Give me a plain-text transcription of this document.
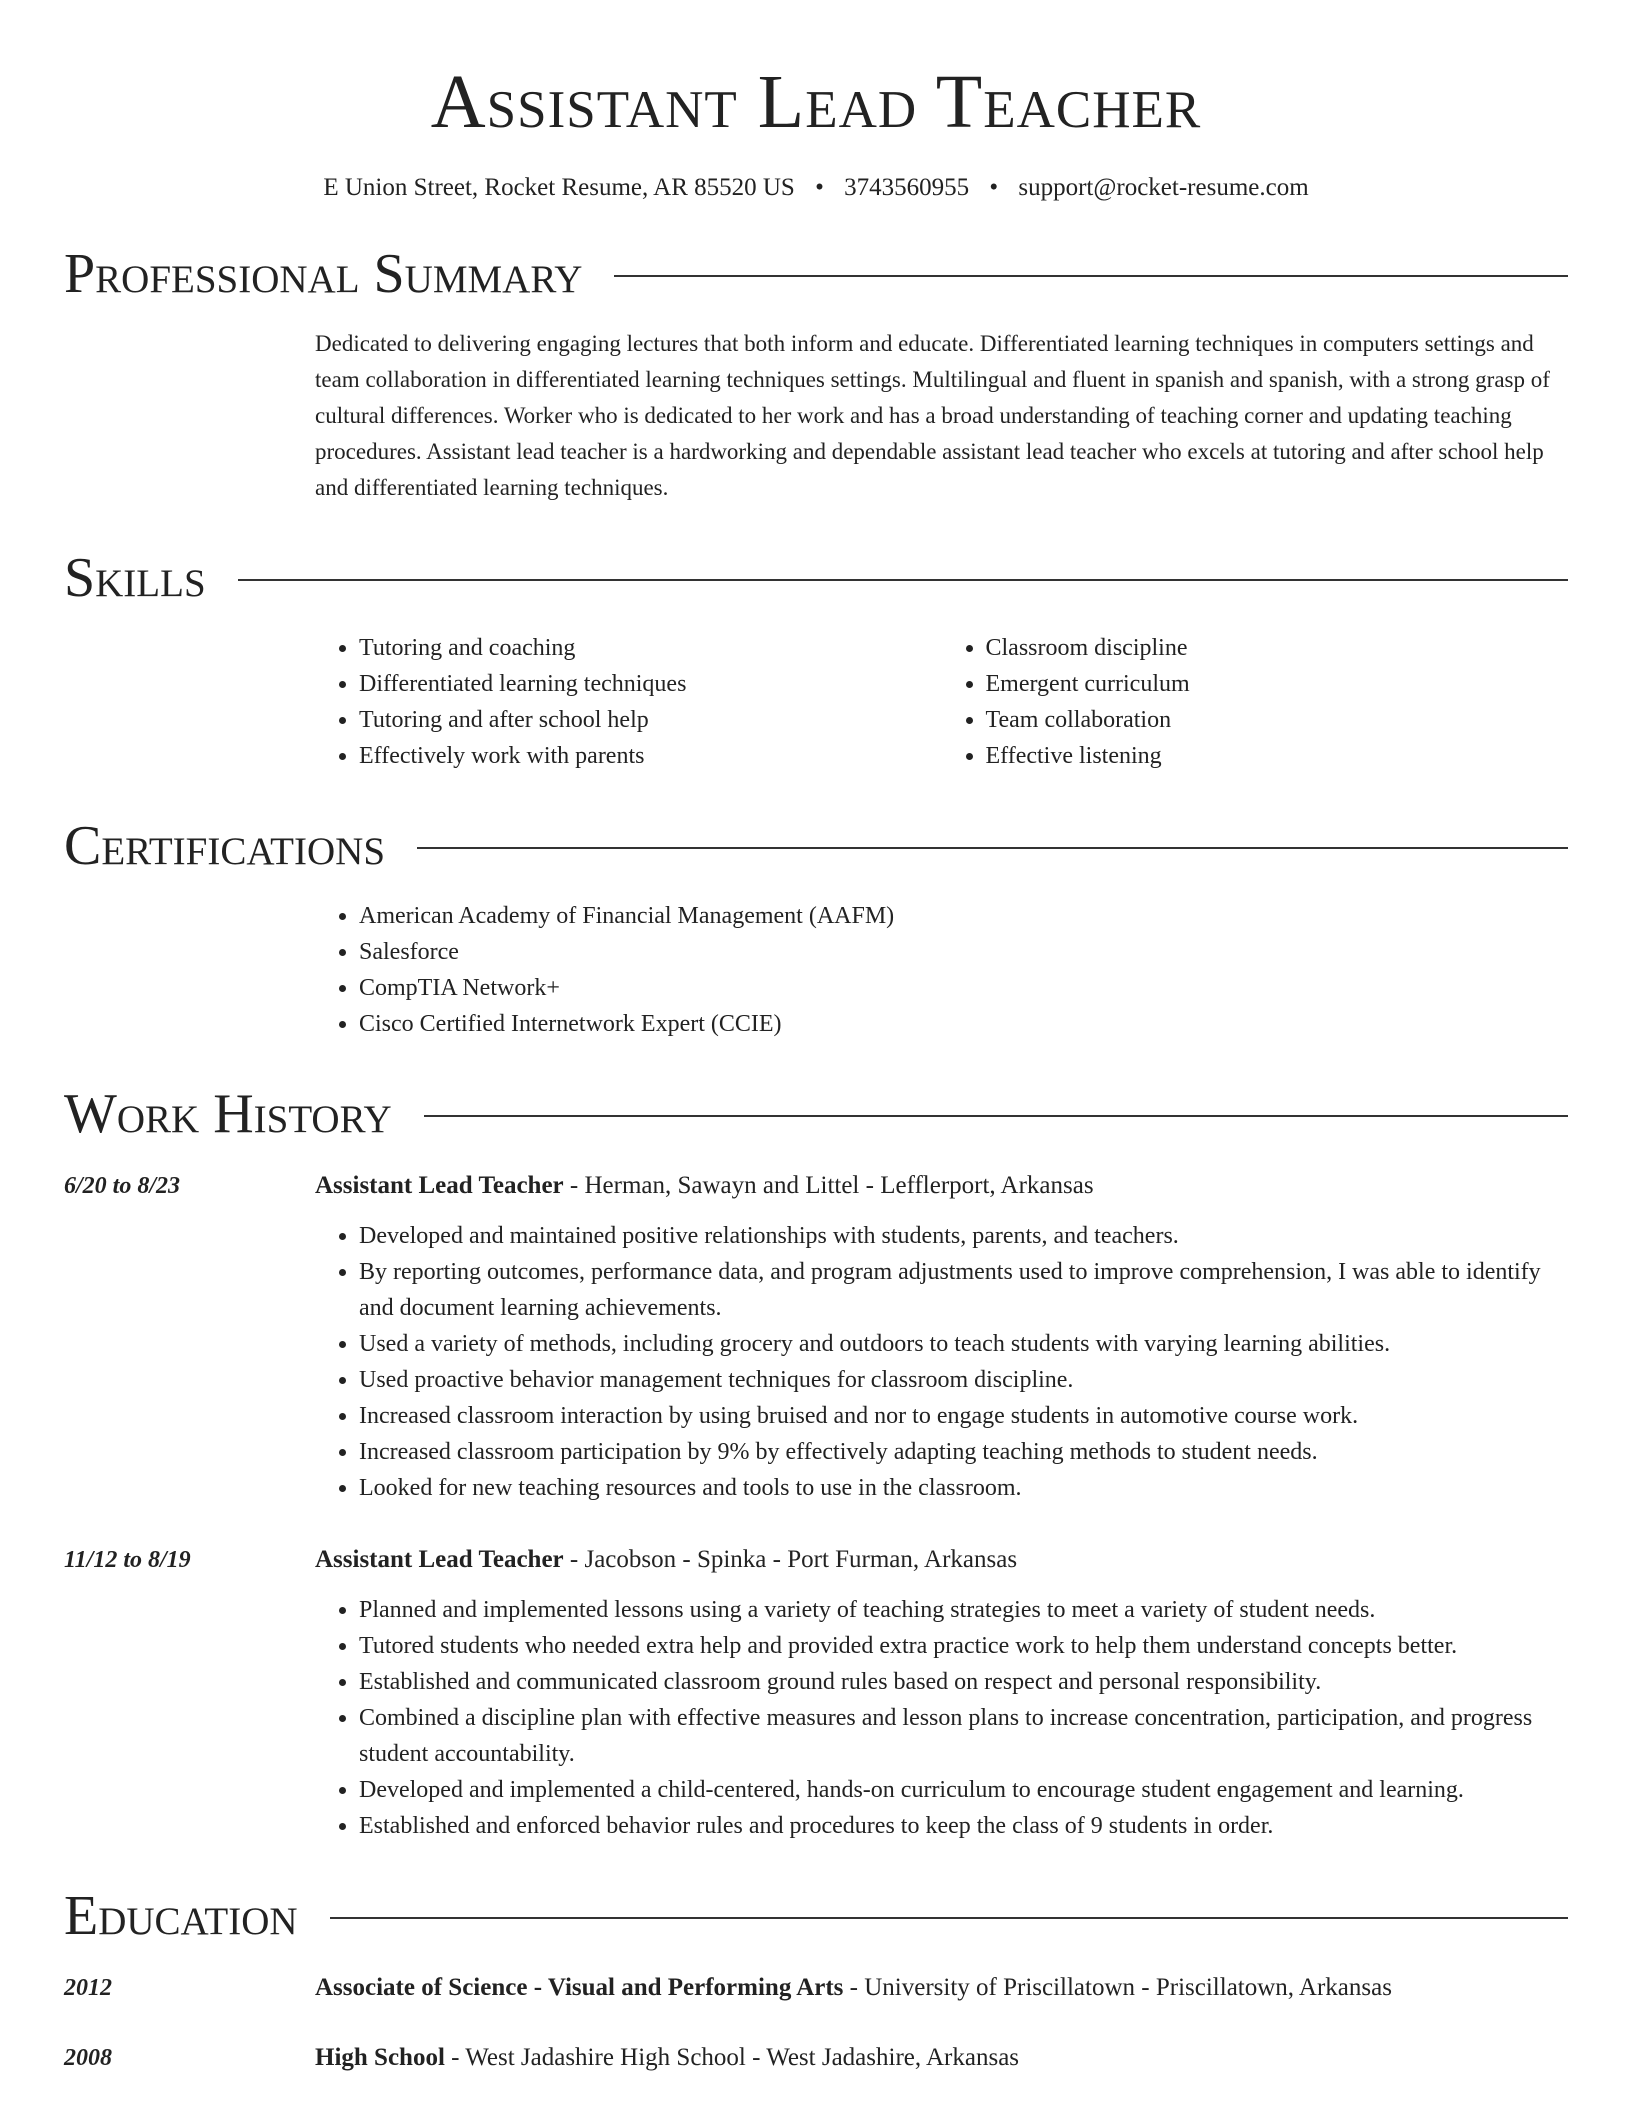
Assistant Lead Teacher
E Union Street, Rocket Resume, AR 85520 US • 3743560955 • support@rocket-resume.com
Professional Summary
Dedicated to delivering engaging lectures that both inform and educate. Differentiated learning techniques in computers settings and team collaboration in differentiated learning techniques settings. Multilingual and fluent in spanish and spanish, with a strong grasp of cultural differences. Worker who is dedicated to her work and has a broad understanding of teaching corner and updating teaching procedures. Assistant lead teacher is a hardworking and dependable assistant lead teacher who excels at tutoring and after school help and differentiated learning techniques.
Skills
• Tutoring and coaching
• Differentiated learning techniques
• Tutoring and after school help
• Effectively work with parents
• Classroom discipline
• Emergent curriculum
• Team collaboration
• Effective listening
Certifications
• American Academy of Financial Management (AAFM)
• Salesforce
• CompTIA Network+
• Cisco Certified Internetwork Expert (CCIE)
Work History
6/20 to 8/23	Assistant Lead Teacher - Herman, Sawayn and Littel - Lefflerport, Arkansas
• Developed and maintained positive relationships with students, parents, and teachers.
• By reporting outcomes, performance data, and program adjustments used to improve comprehension, I was able to identify and document learning achievements.
• Used a variety of methods, including grocery and outdoors to teach students with varying learning abilities.
• Used proactive behavior management techniques for classroom discipline.
• Increased classroom interaction by using bruised and nor to engage students in automotive course work.
• Increased classroom participation by 9% by effectively adapting teaching methods to student needs.
• Looked for new teaching resources and tools to use in the classroom.
11/12 to 8/19	Assistant Lead Teacher - Jacobson - Spinka - Port Furman, Arkansas
• Planned and implemented lessons using a variety of teaching strategies to meet a variety of student needs.
• Tutored students who needed extra help and provided extra practice work to help them understand concepts better.
• Established and communicated classroom ground rules based on respect and personal responsibility.
• Combined a discipline plan with effective measures and lesson plans to increase concentration, participation, and progress student accountability.
• Developed and implemented a child-centered, hands-on curriculum to encourage student engagement and learning.
• Established and enforced behavior rules and procedures to keep the class of 9 students in order.
Education
2012	Associate of Science - Visual and Performing Arts - University of Priscillatown - Priscillatown, Arkansas
2008	High School - West Jadashire High School - West Jadashire, Arkansas
